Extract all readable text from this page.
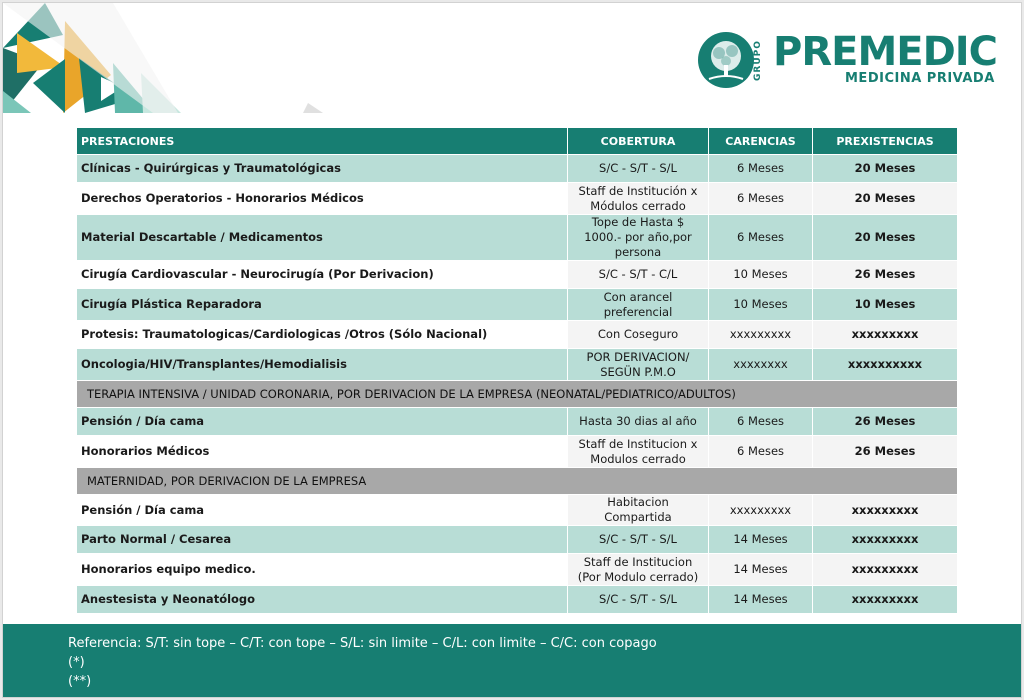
GRUPO PREMEDIC
MEDICINA PRIVADA
PRESTACIONES	COBERTURA	CARENCIAS	PREXISTENCIAS
Clínicas - Quirúrgicas y Traumatológicas	S/C - S/T - S/L	6 Meses	20 Meses
Derechos Operatorios - Honorarios Médicos	Staff de Institución x Módulos cerrado	6 Meses	20 Meses
Material Descartable / Medicamentos	Tope de Hasta $ 1000.- por año,por persona	6 Meses	20 Meses
Cirugía Cardiovascular - Neurocirugía (Por Derivacion)	S/C - S/T - C/L	10 Meses	26 Meses
Cirugía Plástica Reparadora	Con arancel preferencial	10 Meses	10 Meses
Protesis: Traumatologicas/Cardiologicas /Otros (Sólo Nacional)	Con Coseguro	xxxxxxxxx	xxxxxxxxx
Oncologia/HIV/Transplantes/Hemodialisis	POR DERIVACION/ SEGÜN P.M.O	xxxxxxxx	xxxxxxxxxx
TERAPIA INTENSIVA / UNIDAD CORONARIA, POR DERIVACION DE LA EMPRESA (NEONATAL/PEDIATRICO/ADULTOS)			
Pensión / Día cama	Hasta 30 dias al año	6 Meses	26 Meses
Honorarios Médicos	Staff de Institucion x Modulos cerrado	6 Meses	26 Meses
MATERNIDAD, POR DERIVACION DE LA EMPRESA			
Pensión / Día cama	Habitacion Compartida	xxxxxxxxx	xxxxxxxxx
Parto Normal / Cesarea	S/C - S/T - S/L	14 Meses	xxxxxxxxx
Honorarios equipo medico.	Staff de Institucion (Por Modulo cerrado)	14 Meses	xxxxxxxxx
Anestesista y Neonatólogo	S/C - S/T - S/L	14 Meses	xxxxxxxxx
Referencia: S/T: sin tope – C/T: con tope – S/L: sin limite – C/L: con limite – C/C: con copago
(*)
(**)
